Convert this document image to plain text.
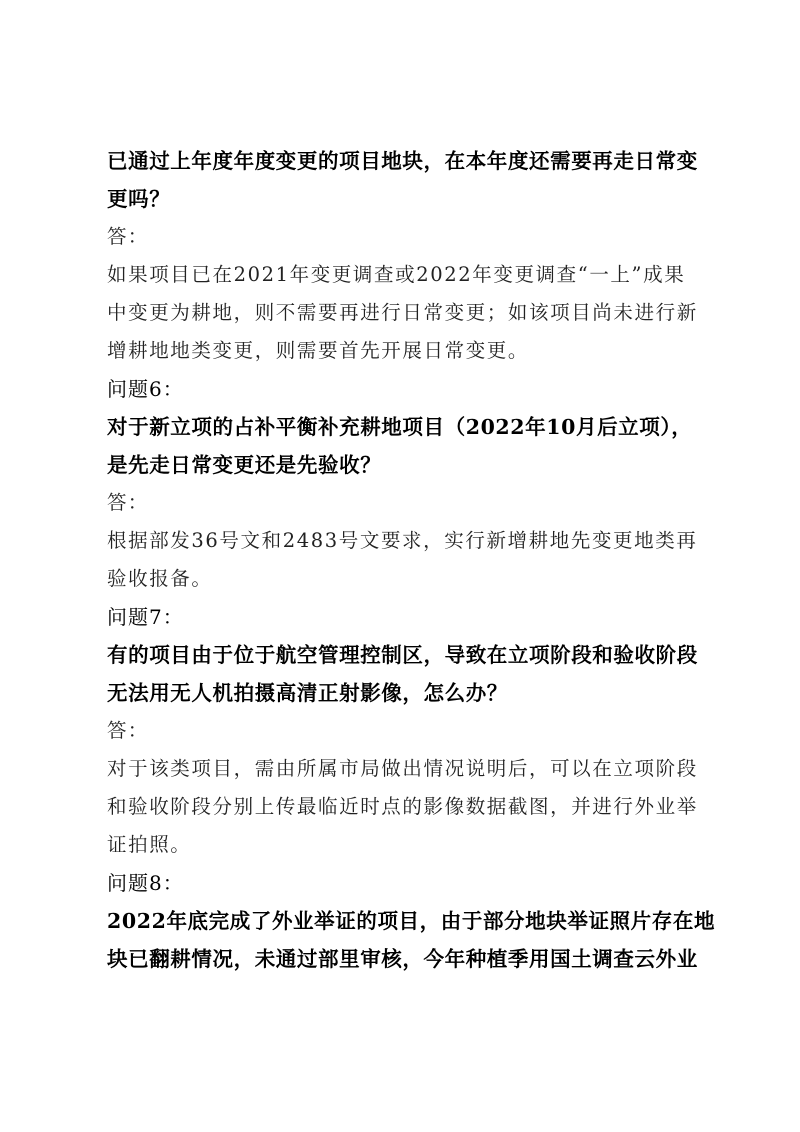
已通过上年度年度变更的项目地块，在本年度还需要再走日常变
更吗？
答：
如果项目已在2021年变更调查或2022年变更调查“一上”成果
中变更为耕地，则不需要再进行日常变更；如该项目尚未进行新
增耕地地类变更，则需要首先开展日常变更。
问题6：
对于新立项的占补平衡补充耕地项目（2022年10月后立项），
是先走日常变更还是先验收？
答：
根据部发36号文和2483号文要求，实行新增耕地先变更地类再
验收报备。
问题7：
有的项目由于位于航空管理控制区，导致在立项阶段和验收阶段
无法用无人机拍摄高清正射影像，怎么办？
答：
对于该类项目，需由所属市局做出情况说明后，可以在立项阶段
和验收阶段分别上传最临近时点的影像数据截图，并进行外业举
证拍照。
问题8：
2022年底完成了外业举证的项目，由于部分地块举证照片存在地
块已翻耕情况，未通过部里审核，今年种植季用国土调查云外业
